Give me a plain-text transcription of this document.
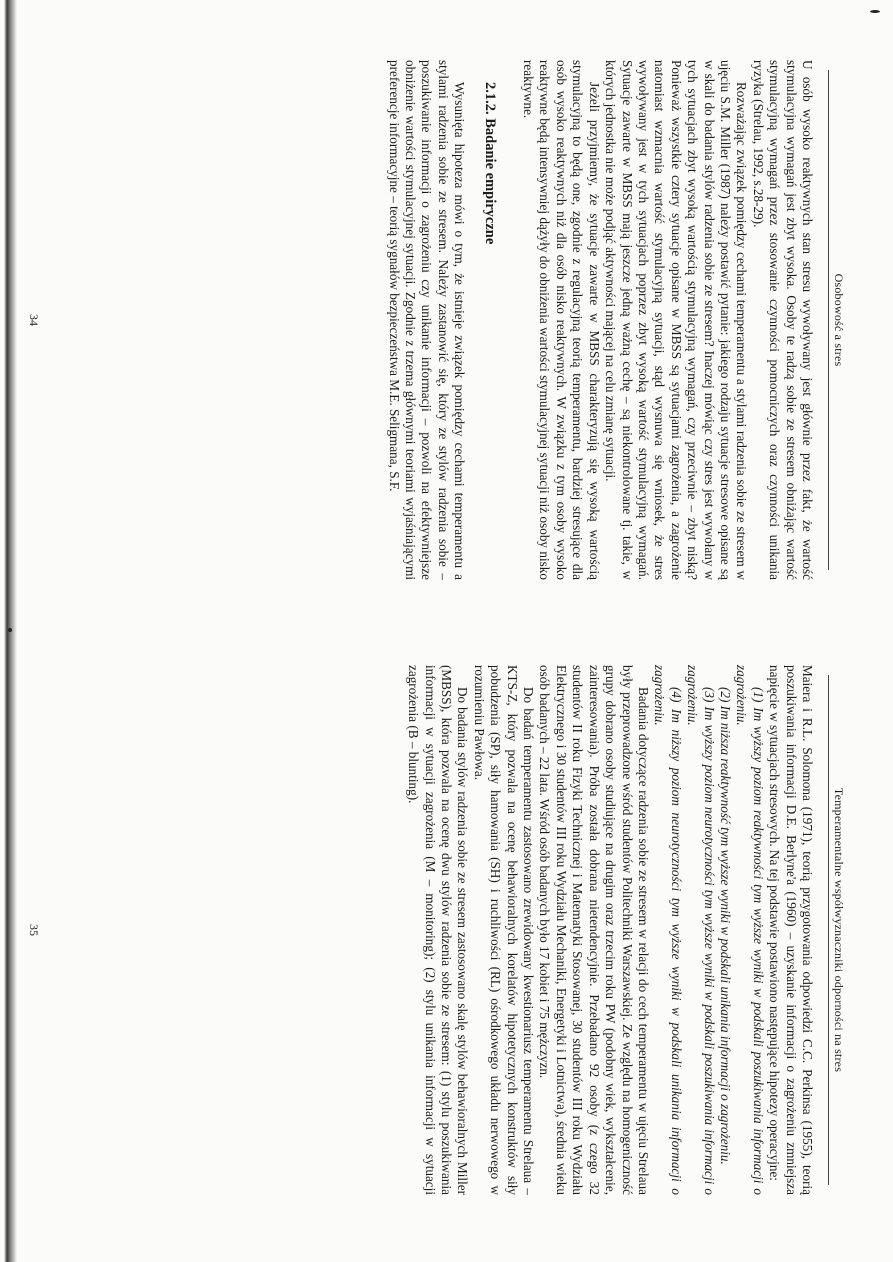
Osobowość a stres

U osób wysoko reaktywnych stan stresu wywoływany jest głównie przez fakt, że wartość stymulacyjna wymagań jest zbyt wysoka. Osoby te radzą sobie ze stresem obniżając wartość stymulacyjną wymagań przez stosowanie czynności pomocniczych oraz czynności unikania ryzyka (Strelau, 1992, s.28-29).

Rozważając związek pomiędzy cechami temperamentu a stylami radzenia sobie ze stresem w ujęciu S.M. Miller (1987) należy postawić pytanie: jakiego rodzaju sytuacje stresowe opisane są w skali do badania stylów radzenia sobie ze stresem? Inaczej mówiąc czy stres jest wywołany w tych sytuacjach zbyt wysoką wartością stymulacyjną wymagań, czy przeciwnie – zbyt niską? Ponieważ wszystkie cztery sytuacje opisane w MBSS są sytuacjami zagrożenia, a zagrożenie natomiast wzmacnia wartość stymulacyjną sytuacji, stąd wysnuwa się wniosek, że stres wywoływany jest w tych sytuacjach poprzez zbyt wysoką wartość stymulacyjną wymagań. Sytuacje zawarte w MBSS mają jeszcze jedną ważną cechę – są niekontrolowane tj. takie, w których jednostka nie może podjąć aktywności mającej na celu zmianę sytuacji.

Jeżeli przyjmiemy, że sytuacje zawarte w MBSS charakteryzują się wysoką wartością stymulacyjną to będą one, zgodnie z regulacyjną teorią temperamentu, bardziej stresujące dla osób wysoko reaktywnych niż dla osób nisko reaktywnych. W związku z tym osoby wysoko reaktywne będą intensywniej dążyły do obniżenia wartości stymulacyjnej sytuacji niż osoby nisko reaktywne.

2.1.2. Badanie empiryczne

Wysunięta hipoteza mówi o tym, że istnieje związek pomiędzy cechami temperamentu a stylami radzenia sobie ze stresem. Należy zastanowić się, który ze stylów radzenia sobie – poszukiwanie informacji o zagrożeniu czy unikanie informacji – pozwoli na efektywniejsze obniżenie wartości stymulacyjnej sytuacji. Zgodnie z trzema głównymi teoriami wyjaśniającymi preferencje informacyjne – teorią sygnałów bezpieczeństwa M.E. Seligmana, S.F.

34
Temperamentalne współwyznaczniki odporności na stres

Maiera i R.L. Solomona (1971), teorią przygotowania odpowiedzi C.C. Perkinsa (1955), teorią poszukiwania informacji D.E. Berlyne'a (1960) – uzyskanie informacji o zagrożeniu zmniejsza napięcie w sytuacjach stresowych. Na tej podstawie postawiono następujące hipotezy operacyjne:

(1) Im wyższy poziom reaktywności tym wyższe wyniki w podskali poszukiwania informacji o zagrożeniu.

(2) Im niższa reaktywność tym wyższe wyniki w podskali unikania informacji o zagrożeniu.

(3) Im wyższy poziom neurotyczności tym wyższe wyniki w podskali poszukiwania informacji o zagrożeniu.

(4) Im niższy poziom neurotyczności tym wyższe wyniki w podskali unikania informacji o zagrożeniu.

Badania dotyczące radzenia sobie ze stresem w relacji do cech temperamentu w ujęciu Strelaua były przeprowadzone wśród studentów Politechniki Warszawskiej. Ze względu na homogeniczność grupy dobrano osoby studiujące na drugim oraz trzecim roku PW (podobny wiek, wykształcenie, zainteresowania). Próba została dobrana nietendencyjnie. Przebadano 92 osoby (z czego 32 studentów II roku Fizyki Technicznej i Matematyki Stosowanej, 30 studentów III roku Wydziału Elektrycznego i 30 studentów III roku Wydziału Mechaniki, Energetyki i Lotnictwa), średnia wieku osób badanych – 22 lata. Wśród osób badanych było 17 kobiet i 75 mężczyzn.

Do badań temperamentu zastosowano zrewidowany kwestionariusz temperamentu Strelaua – KTS-Z, który pozwala na ocenę behawioralnych korelatów hipotetycznych konstruktów siły pobudzenia (SP), siły hamowania (SH) i ruchliwości (RL) ośrodkowego układu nerwowego w rozumieniu Pawłowa.

Do badania stylów radzenia sobie ze stresem zastosowano skalę stylów behawioralnych Miller (MBSS), która pozwala na ocenę dwu stylów radzenia sobie ze stresem: (1) stylu poszukiwania informacji w sytuacji zagrożenia (M – monitoring); (2) stylu unikania informacji w sytuacji zagrożenia (B – blunting).

35
